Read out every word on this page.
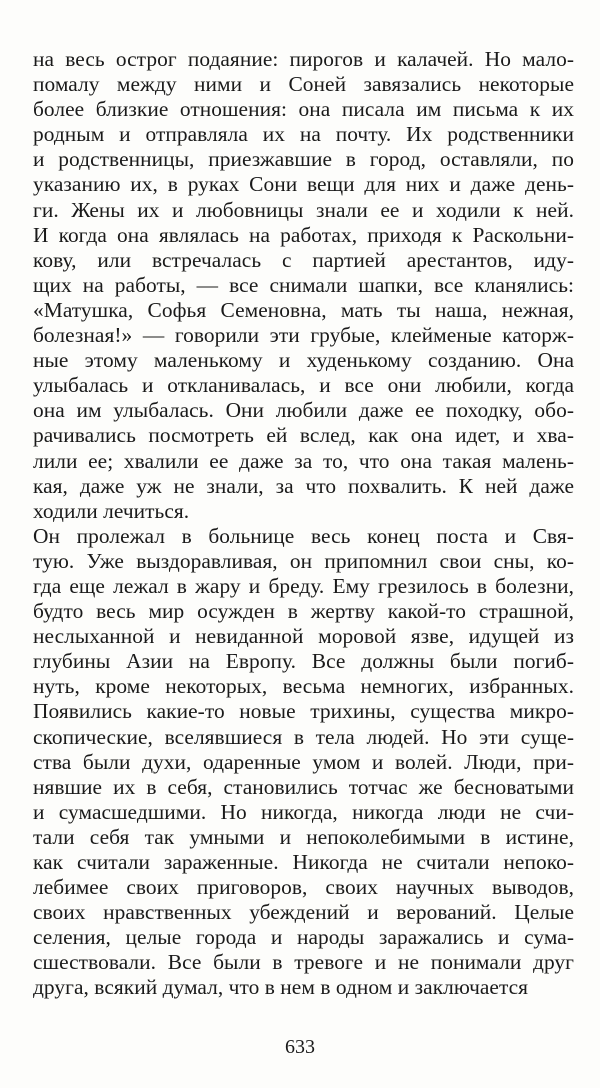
на весь острог подаяние: пирогов и калачей. Но мало-
помалу между ними и Соней завязались некоторые
более близкие отношения: она писала им письма к их
родным и отправляла их на почту. Их родственники
и родственницы, приезжавшие в город, оставляли, по
указанию их, в руках Сони вещи для них и даже день-
ги. Жены их и любовницы знали ее и ходили к ней.
И когда она являлась на работах, приходя к Раскольни-
кову, или встречалась с партией арестантов, иду-
щих на работы, — все снимали шапки, все кланялись:
«Матушка, Софья Семеновна, мать ты наша, нежная,
болезная!» — говорили эти грубые, клейменые каторж-
ные этому маленькому и худенькому созданию. Она
улыбалась и откланивалась, и все они любили, когда
она им улыбалась. Они любили даже ее походку, обо-
рачивались посмотреть ей вслед, как она идет, и хва-
лили ее; хвалили ее даже за то, что она такая малень-
кая, даже уж не знали, за что похвалить. К ней даже
ходили лечиться.
Он пролежал в больнице весь конец поста и Свя-
тую. Уже выздоравливая, он припомнил свои сны, ко-
гда еще лежал в жару и бреду. Ему грезилось в болезни,
будто весь мир осужден в жертву какой-то страшной,
неслыханной и невиданной моровой язве, идущей из
глубины Азии на Европу. Все должны были погиб-
нуть, кроме некоторых, весьма немногих, избранных.
Появились какие-то новые трихины, существа микро-
скопические, вселявшиеся в тела людей. Но эти суще-
ства были духи, одаренные умом и волей. Люди, при-
нявшие их в себя, становились тотчас же бесноватыми
и сумасшедшими. Но никогда, никогда люди не счи-
тали себя так умными и непоколебимыми в истине,
как считали зараженные. Никогда не считали непоко-
лебимее своих приговоров, своих научных выводов,
своих нравственных убеждений и верований. Целые
селения, целые города и народы заражались и сума-
сшествовали. Все были в тревоге и не понимали друг
друга, всякий думал, что в нем в одном и заключается
633
